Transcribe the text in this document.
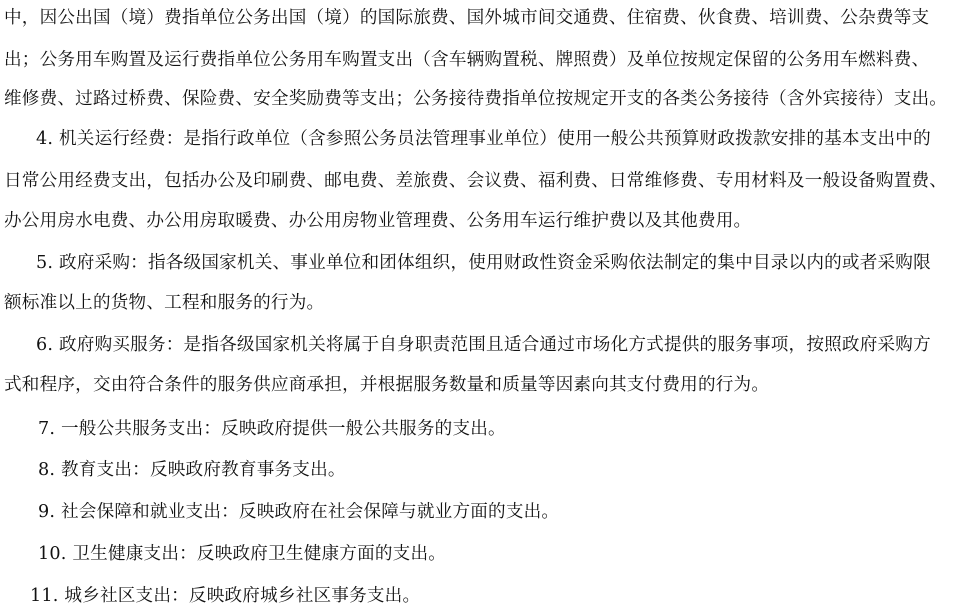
中，因公出国（境）费指单位公务出国（境）的国际旅费、国外城市间交通费、住宿费、伙食费、培训费、公杂费等支
出；公务用车购置及运行费指单位公务用车购置支出（含车辆购置税、牌照费）及单位按规定保留的公务用车燃料费、
维修费、过路过桥费、保险费、安全奖励费等支出；公务接待费指单位按规定开支的各类公务接待（含外宾接待）支出。
4. 机关运行经费：是指行政单位（含参照公务员法管理事业单位）使用一般公共预算财政拨款安排的基本支出中的
日常公用经费支出，包括办公及印刷费、邮电费、差旅费、会议费、福利费、日常维修费、专用材料及一般设备购置费、
办公用房水电费、办公用房取暖费、办公用房物业管理费、公务用车运行维护费以及其他费用。
5. 政府采购：指各级国家机关、事业单位和团体组织，使用财政性资金采购依法制定的集中目录以内的或者采购限
额标准以上的货物、工程和服务的行为。
6. 政府购买服务：是指各级国家机关将属于自身职责范围且适合通过市场化方式提供的服务事项，按照政府采购方
式和程序，交由符合条件的服务供应商承担，并根据服务数量和质量等因素向其支付费用的行为。
7. 一般公共服务支出：反映政府提供一般公共服务的支出。
8. 教育支出：反映政府教育事务支出。
9. 社会保障和就业支出：反映政府在社会保障与就业方面的支出。
10. 卫生健康支出：反映政府卫生健康方面的支出。
11. 城乡社区支出：反映政府城乡社区事务支出。
